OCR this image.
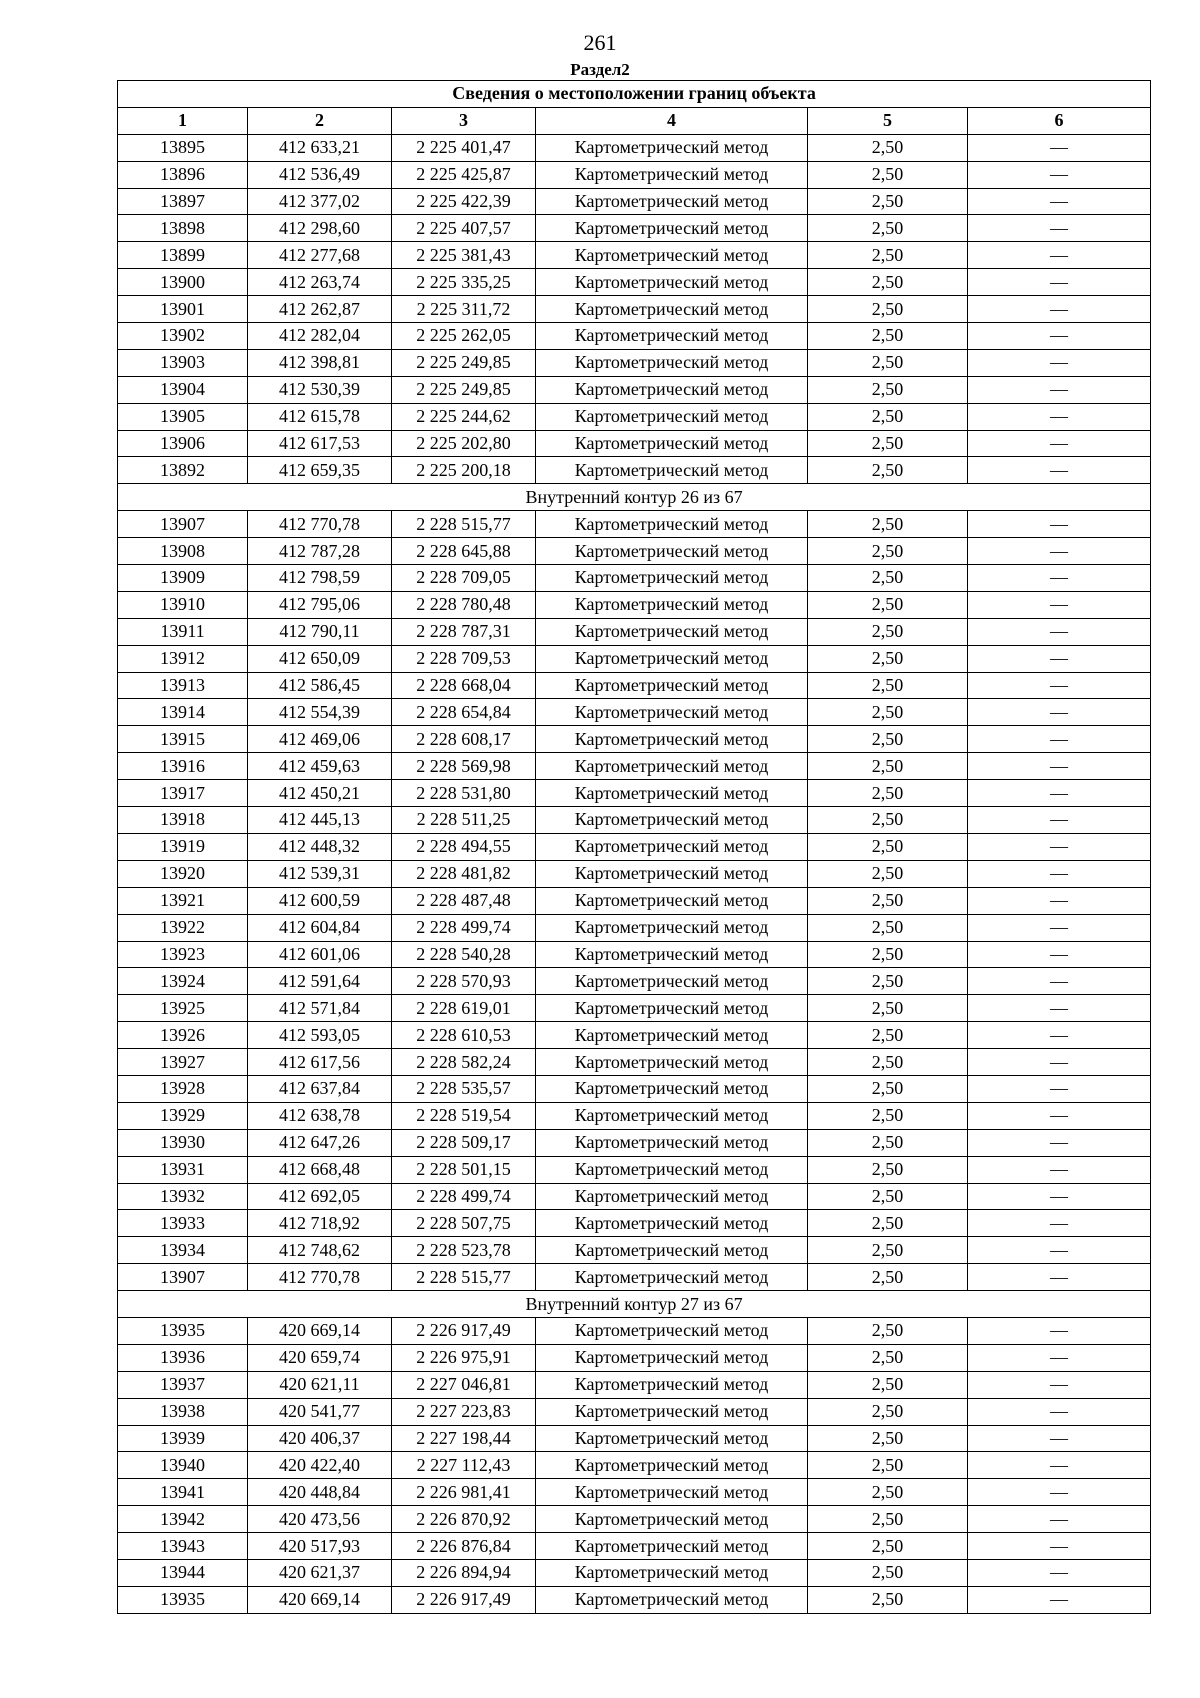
261
Раздел2
Сведения о местоположении границ объекта					
1	2	3	4	5	6
13895	412 633,21	2 225 401,47	Картометрический метод	2,50	—
13896	412 536,49	2 225 425,87	Картометрический метод	2,50	—
13897	412 377,02	2 225 422,39	Картометрический метод	2,50	—
13898	412 298,60	2 225 407,57	Картометрический метод	2,50	—
13899	412 277,68	2 225 381,43	Картометрический метод	2,50	—
13900	412 263,74	2 225 335,25	Картометрический метод	2,50	—
13901	412 262,87	2 225 311,72	Картометрический метод	2,50	—
13902	412 282,04	2 225 262,05	Картометрический метод	2,50	—
13903	412 398,81	2 225 249,85	Картометрический метод	2,50	—
13904	412 530,39	2 225 249,85	Картометрический метод	2,50	—
13905	412 615,78	2 225 244,62	Картометрический метод	2,50	—
13906	412 617,53	2 225 202,80	Картометрический метод	2,50	—
13892	412 659,35	2 225 200,18	Картометрический метод	2,50	—
Внутренний контур 26 из 67					
13907	412 770,78	2 228 515,77	Картометрический метод	2,50	—
13908	412 787,28	2 228 645,88	Картометрический метод	2,50	—
13909	412 798,59	2 228 709,05	Картометрический метод	2,50	—
13910	412 795,06	2 228 780,48	Картометрический метод	2,50	—
13911	412 790,11	2 228 787,31	Картометрический метод	2,50	—
13912	412 650,09	2 228 709,53	Картометрический метод	2,50	—
13913	412 586,45	2 228 668,04	Картометрический метод	2,50	—
13914	412 554,39	2 228 654,84	Картометрический метод	2,50	—
13915	412 469,06	2 228 608,17	Картометрический метод	2,50	—
13916	412 459,63	2 228 569,98	Картометрический метод	2,50	—
13917	412 450,21	2 228 531,80	Картометрический метод	2,50	—
13918	412 445,13	2 228 511,25	Картометрический метод	2,50	—
13919	412 448,32	2 228 494,55	Картометрический метод	2,50	—
13920	412 539,31	2 228 481,82	Картометрический метод	2,50	—
13921	412 600,59	2 228 487,48	Картометрический метод	2,50	—
13922	412 604,84	2 228 499,74	Картометрический метод	2,50	—
13923	412 601,06	2 228 540,28	Картометрический метод	2,50	—
13924	412 591,64	2 228 570,93	Картометрический метод	2,50	—
13925	412 571,84	2 228 619,01	Картометрический метод	2,50	—
13926	412 593,05	2 228 610,53	Картометрический метод	2,50	—
13927	412 617,56	2 228 582,24	Картометрический метод	2,50	—
13928	412 637,84	2 228 535,57	Картометрический метод	2,50	—
13929	412 638,78	2 228 519,54	Картометрический метод	2,50	—
13930	412 647,26	2 228 509,17	Картометрический метод	2,50	—
13931	412 668,48	2 228 501,15	Картометрический метод	2,50	—
13932	412 692,05	2 228 499,74	Картометрический метод	2,50	—
13933	412 718,92	2 228 507,75	Картометрический метод	2,50	—
13934	412 748,62	2 228 523,78	Картометрический метод	2,50	—
13907	412 770,78	2 228 515,77	Картометрический метод	2,50	—
Внутренний контур 27 из 67					
13935	420 669,14	2 226 917,49	Картометрический метод	2,50	—
13936	420 659,74	2 226 975,91	Картометрический метод	2,50	—
13937	420 621,11	2 227 046,81	Картометрический метод	2,50	—
13938	420 541,77	2 227 223,83	Картометрический метод	2,50	—
13939	420 406,37	2 227 198,44	Картометрический метод	2,50	—
13940	420 422,40	2 227 112,43	Картометрический метод	2,50	—
13941	420 448,84	2 226 981,41	Картометрический метод	2,50	—
13942	420 473,56	2 226 870,92	Картометрический метод	2,50	—
13943	420 517,93	2 226 876,84	Картометрический метод	2,50	—
13944	420 621,37	2 226 894,94	Картометрический метод	2,50	—
13935	420 669,14	2 226 917,49	Картометрический метод	2,50	—
